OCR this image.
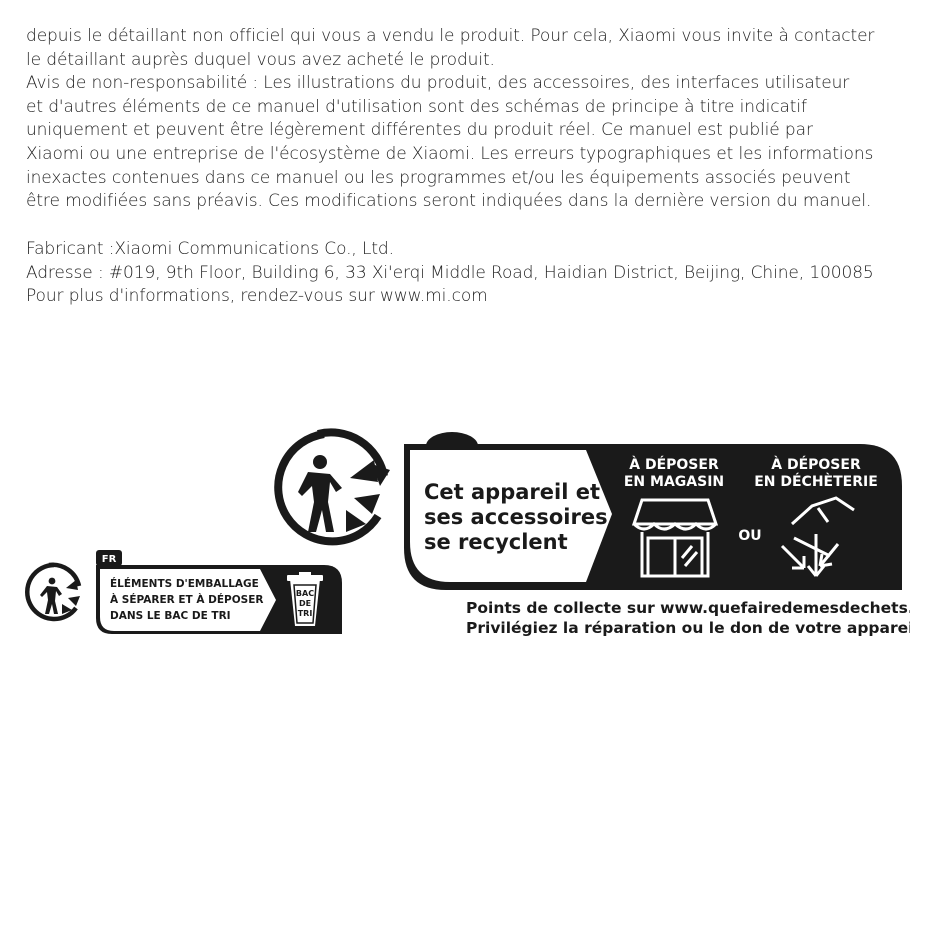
depuis le détaillant non officiel qui vous a vendu le produit. Pour cela, Xiaomi vous invite à contacter
le détaillant auprès duquel vous avez acheté le produit.
Avis de non-responsabilité : Les illustrations du produit, des accessoires, des interfaces utilisateur
et d'autres éléments de ce manuel d'utilisation sont des schémas de principe à titre indicatif
uniquement et peuvent être légèrement différentes du produit réel. Ce manuel est publié par
Xiaomi ou une entreprise de l'écosystème de Xiaomi. Les erreurs typographiques et les informations
inexactes contenues dans ce manuel ou les programmes et/ou les équipements associés peuvent
être modifiées sans préavis. Ces modifications seront indiquées dans la dernière version du manuel.
Fabricant :Xiaomi Communications Co., Ltd.
Adresse : #019, 9th Floor, Building 6, 33 Xi'erqi Middle Road, Haidian District, Beijing, Chine, 100085
Pour plus d'informations, rendez-vous sur www.mi.com
FR
ÉLÉMENTS D'EMBALLAGE
À SÉPARER ET À DÉPOSER
DANS LE BAC DE TRI
BAC
DE
TRI
Cet appareil et
ses accessoires
se recyclent
À DÉPOSER
EN MAGASIN
OU
À DÉPOSER
EN DÉCHÈTERIE
Points de collecte sur www.quefairedemesdechets.fr
Privilégiez la réparation ou le don de votre appareil !
